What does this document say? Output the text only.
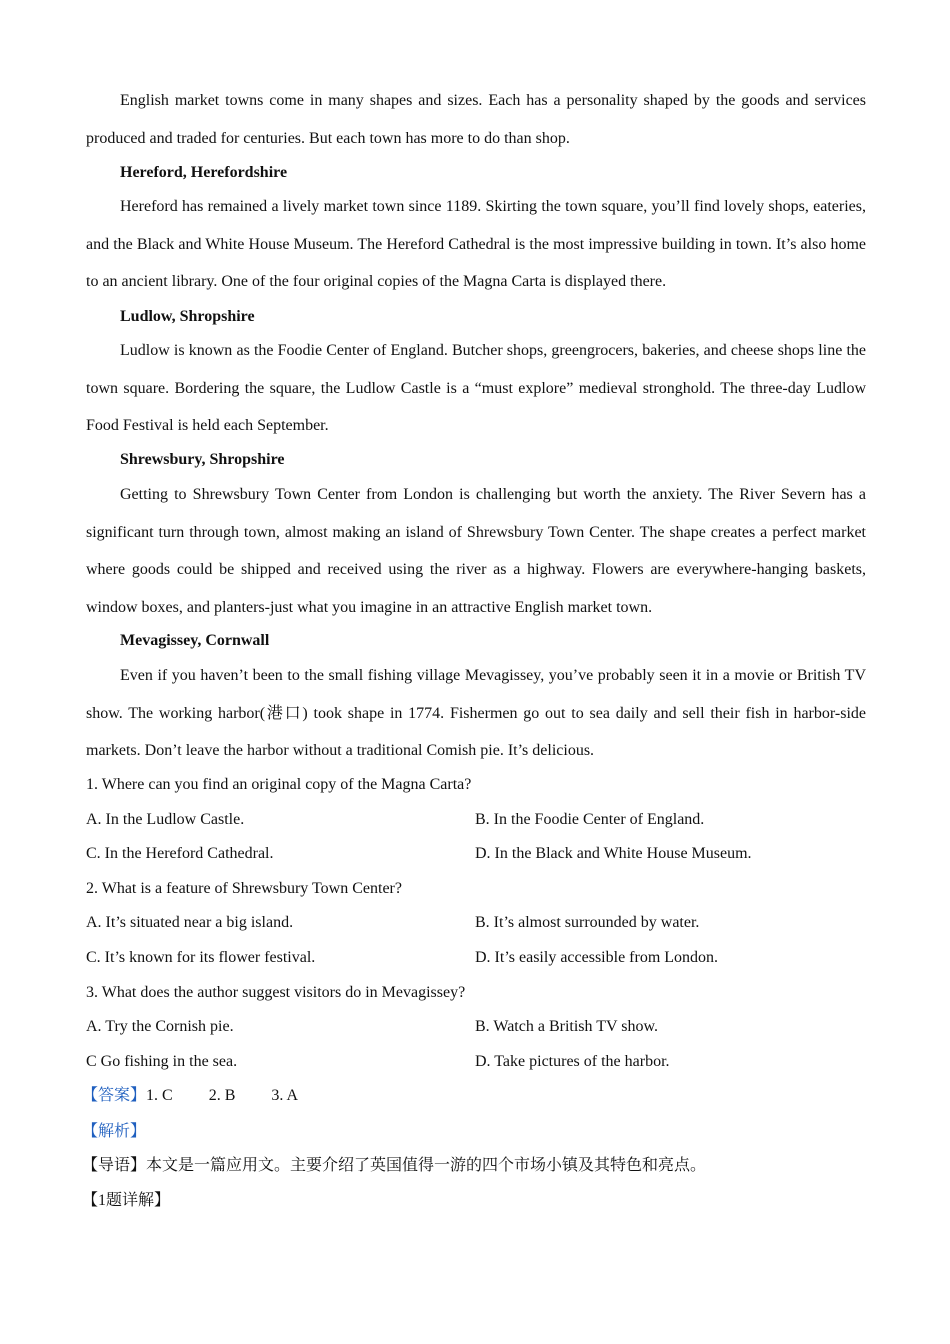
English market towns come in many shapes and sizes. Each has a personality shaped by the goods and services produced and traded for centuries. But each town has more to do than shop.

Hereford, Herefordshire

Hereford has remained a lively market town since 1189. Skirting the town square, you’ll find lovely shops, eateries, and the Black and White House Museum. The Hereford Cathedral is the most impressive building in town. It’s also home to an ancient library. One of the four original copies of the Magna Carta is displayed there.

Ludlow, Shropshire

Ludlow is known as the Foodie Center of England. Butcher shops, greengrocers, bakeries, and cheese shops line the town square. Bordering the square, the Ludlow Castle is a “must explore” medieval stronghold. The three-day Ludlow Food Festival is held each September.

Shrewsbury, Shropshire

Getting to Shrewsbury Town Center from London is challenging but worth the anxiety. The River Severn has a significant turn through town, almost making an island of Shrewsbury Town Center. The shape creates a perfect market where goods could be shipped and received using the river as a highway. Flowers are everywhere-hanging baskets, window boxes, and planters-just what you imagine in an attractive English market town.

Mevagissey, Cornwall

Even if you haven’t been to the small fishing village Mevagissey, you’ve probably seen it in a movie or British TV show. The working harbor(港口) took shape in 1774. Fishermen go out to sea daily and sell their fish in harbor-side markets. Don’t leave the harbor without a traditional Comish pie. It’s delicious.

1. Where can you find an original copy of the Magna Carta?

A. In the Ludlow Castle.	B. In the Foodie Center of England.

C. In the Hereford Cathedral.	D. In the Black and White House Museum.

2. What is a feature of Shrewsbury Town Center?

A. It’s situated near a big island.	B. It’s almost surrounded by water.

C. It’s known for its flower festival.	D. It’s easily accessible from London.

3. What does the author suggest visitors do in Mevagissey?

A. Try the Cornish pie.	B. Watch a British TV show.

C Go fishing in the sea.	D. Take pictures of the harbor.

【答案】1. C 2. B 3. A

【解析】

【导语】本文是一篇应用文。主要介绍了英国值得一游的四个市场小镇及其特色和亮点。

【1题详解】
